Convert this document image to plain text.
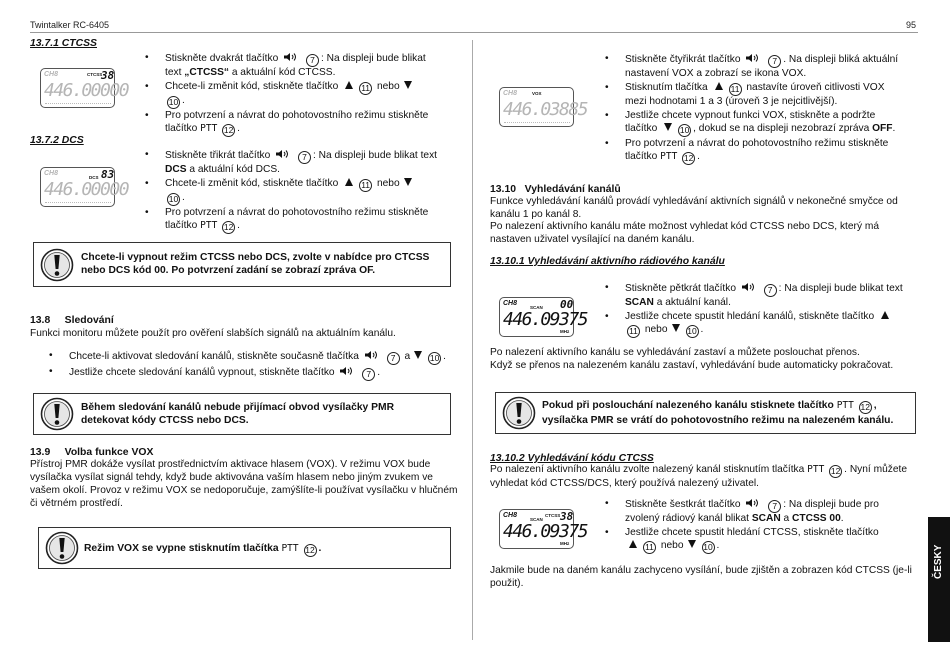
Twintalker RC-6405	95
13.7.1 CTCSS
CH8	CTCSS
38
446.00000
• Stiskněte dvakrát tlačítko	7 : Na displeji bude blikat text „CTCSS“ a aktuální kód CTCSS.
• Chcete-li změnit kód, stiskněte tlačítko	11 nebo
10 .
• Pro potvrzení a návrat do pohotovostního režimu stiskněte tlačítko PTT 12 .
13.7.2 DCS
CH8
DCS 83
446.00000
• Stiskněte třikrát tlačítko	7 : Na displeji bude blikat text DCS a aktuální kód DCS.
• Chcete-li změnit kód, stiskněte tlačítko	11 nebo
10 .
• Pro potvrzení a návrat do pohotovostního režimu stiskněte tlačítko PTT 12 .
Chcete-li vypnout režim CTCSS nebo DCS, zvolte v nabídce pro CTCSS nebo DCS kód 00. Po potvrzení zadání se zobrazí zpráva OF.
13.8     Sledování
Funkci monitoru můžete použít pro ověření slabších signálů na aktuálním kanálu.
• Chcete-li aktivovat sledování kanálů, stiskněte současně tlačítka	7 a 10 .
• Jestliže chcete sledování kanálů vypnout, stiskněte tlačítko	7 .
Během sledování kanálů nebude přijímací obvod vysílačky PMR detekovat kódy CTCSS nebo DCS.
13.9     Volba funkce VOX
Přístroj PMR dokáže vysílat prostřednictvím aktivace hlasem (VOX). V režimu VOX bude vysílačka vysílat signál tehdy, když bude aktivována vaším hlasem nebo jiným zvukem ve vašem okolí. Provoz v režimu VOX se nedoporučuje, zamýšlíte-li používat vysílačku v hlučném či větrném prostředí.
Režim VOX se vypne stisknutím tlačítka PTT 12 .
CH8	VOX
446.03885
• Stiskněte čtyřikrát tlačítko	7 . Na displeji bliká aktuální nastavení VOX a zobrazí se ikona VOX.
• Stisknutím tlačítka	11 nastavíte úroveň citlivosti VOX mezi hodnotami 1 a 3 (úroveň 3 je nejcitlivější).
• Jestliže chcete vypnout funkci VOX, stiskněte a podržte tlačítko	10 , dokud se na displeji nezobrazí zpráva OFF.
• Pro potvrzení a návrat do pohotovostního režimu stiskněte tlačítko PTT 12 .
13.10   Vyhledávání kanálů
Funkce vyhledávání kanálů provádí vyhledávání aktivních signálů v nekonečné smyčce od kanálu 1 po kanál 8.
Po nalezení aktivního kanálu máte možnost vyhledat kód CTCSS nebo DCS, který má nastaven uživatel vysílající na daném kanálu.
13.10.1 Vyhledávání aktivního rádiového kanálu
CH8
SCAN 00
446.09375
MHz
• Stiskněte pětkrát tlačítko	7 : Na displeji bude blikat text SCAN a aktuální kanál.
• Jestliže chcete spustit hledání kanálů, stiskněte tlačítko
11 nebo 10 .
Po nalezení aktivního kanálu se vyhledávání zastaví a můžete poslouchat přenos.
Když se přenos na nalezeném kanálu zastaví, vyhledávání bude automaticky pokračovat.
Pokud při poslouchání nalezeného kanálu stisknete tlačítko PTT 12 , vysílačka PMR se vrátí do pohotovostního režimu na nalezeném kanálu.
13.10.2 Vyhledávání kódu CTCSS
Po nalezení aktivního kanálu zvolte nalezený kanál stisknutím tlačítka PTT 12 . Nyní můžete vyhledat kód CTCSS/DCS, který používá nalezený uživatel.
CH8
SCAN
CTCSS 38
446.09375
MHz
• Stiskněte šestkrát tlačítko	7 : Na displeji bude pro zvolený rádiový kanál blikat SCAN a CTCSS 00.
• Jestliže chcete spustit hledání CTCSS, stiskněte tlačítko
11 nebo 10 .
Jakmile bude na daném kanálu zachyceno vysílání, bude zjištěn a zobrazen kód CTCSS (je-li použit).
ČESKY
